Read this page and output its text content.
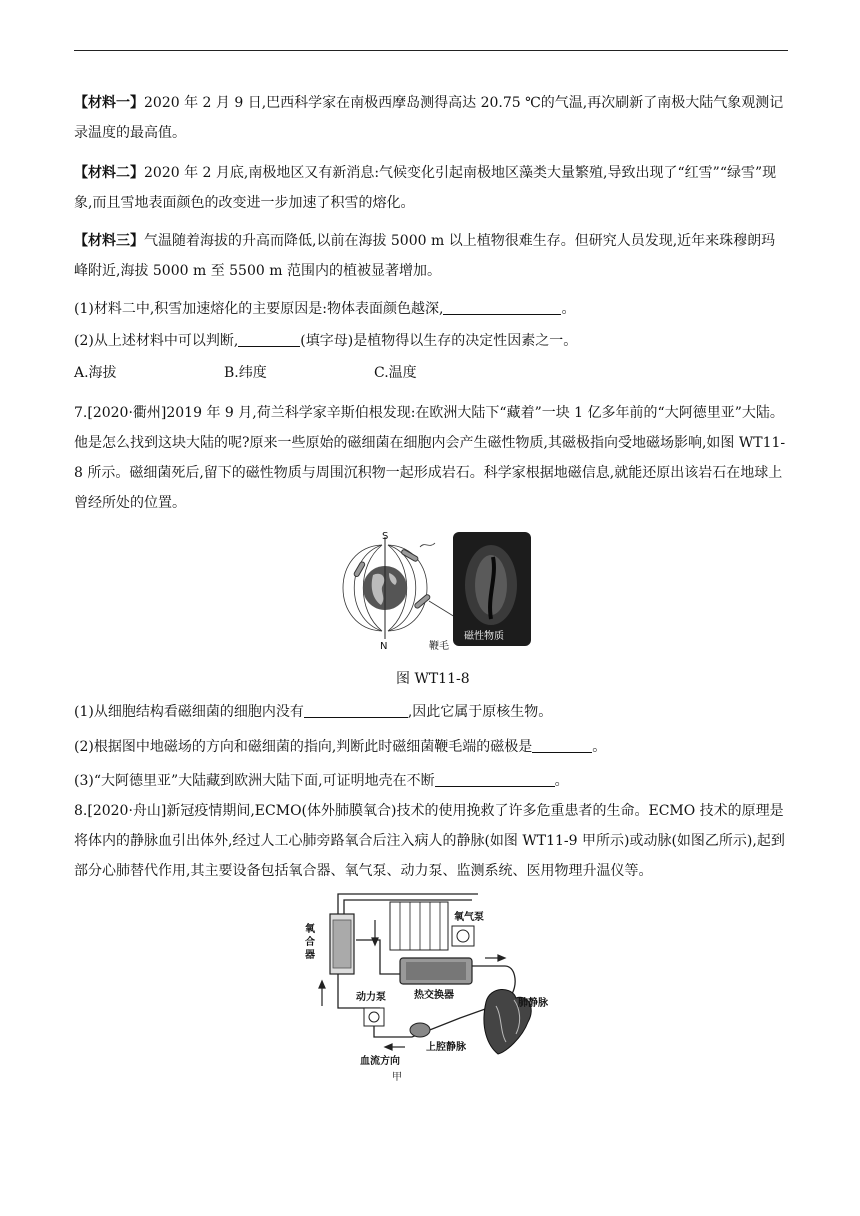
【材料一】2020 年 2 月 9 日,巴西科学家在南极西摩岛测得高达 20.75 ℃的气温,再次刷新了南极大陆气象观测记录温度的最高值。

【材料二】2020 年 2 月底,南极地区又有新消息:气候变化引起南极地区藻类大量繁殖,导致出现了“红雪”“绿雪”现象,而且雪地表面颜色的改变进一步加速了积雪的熔化。

【材料三】气温随着海拔的升高而降低,以前在海拔 5000 m 以上植物很难生存。但研究人员发现,近年来珠穆朗玛峰附近,海拔 5000 m 至 5500 m 范围内的植被显著增加。

(1)材料二中,积雪加速熔化的主要原因是:物体表面颜色越深,	。
(2)从上述材料中可以判断,	(填字母)是植物得以生存的决定性因素之一。
A.海拔	B.纬度	C.温度

7.[2020·衢州]2019 年 9 月,荷兰科学家辛斯伯根发现:在欧洲大陆下“藏着”一块 1 亿多年前的“大阿德里亚”大陆。他是怎么找到这块大陆的呢?原来一些原始的磁细菌在细胞内会产生磁性物质,其磁极指向受地磁场影响,如图 WT11-8 所示。磁细菌死后,留下的磁性物质与周围沉积物一起形成岩石。科学家根据地磁信息,就能还原出该岩石在地球上曾经所处的位置。

S
N	鞭毛
磁性物质
图 WT11-8
(1)从细胞结构看磁细菌的细胞内没有	,因此它属于原核生物。
(2)根据图中地磁场的方向和磁细菌的指向,判断此时磁细菌鞭毛端的磁极是	。
(3)“大阿德里亚”大陆藏到欧洲大陆下面,可证明地壳在不断	。

8.[2020·舟山]新冠疫情期间,ECMO(体外肺膜氧合)技术的使用挽救了许多危重患者的生命。ECMO 技术的原理是将体内的静脉血引出体外,经过人工心肺旁路氧合后注入病人的静脉(如图 WT11-9 甲所示)或动脉(如图乙所示),起到部分心肺替代作用,其主要设备包括氧合器、氧气泵、动力泵、监测系统、医用物理升温仪等。

氧
合
器
氧气泵
热交换器
动力泵
肺静脉
上腔静脉
血流方向
甲
